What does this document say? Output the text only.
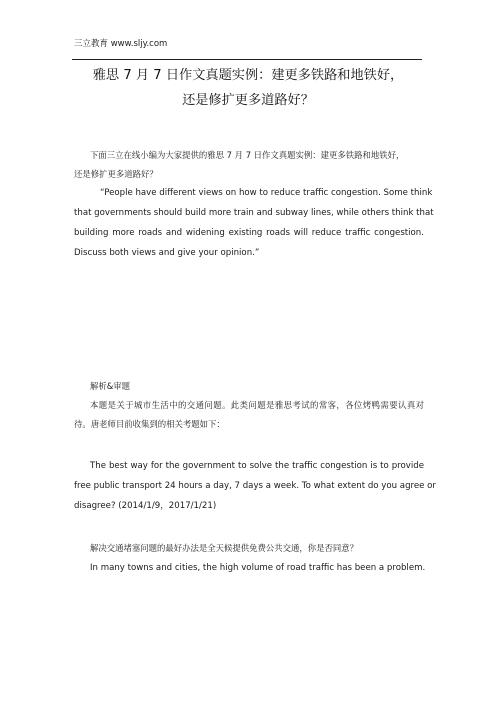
三立教育 www.sljy.com
雅思 7 月 7 日作文真题实例：建更多铁路和地铁好，
还是修扩更多道路好？
下面三立在线小编为大家提供的雅思 7 月 7 日作文真题实例：建更多铁路和地铁好，
还是修扩更多道路好？
“People have different views on how to reduce traffic congestion. Some think
that governments should build more train and subway lines, while others think that
building more roads and widening existing roads will reduce traffic congestion.
Discuss both views and give your opinion.”
解析&审题
本题是关于城市生活中的交通问题。此类问题是雅思考试的常客，各位烤鸭需要认真对
待。唐老师目前收集到的相关考题如下：
The best way for the government to solve the traffic congestion is to provide
free public transport 24 hours a day, 7 days a week. To what extent do you agree or
disagree? (2014/1/9，2017/1/21)
解决交通堵塞问题的最好办法是全天候提供免费公共交通，你是否同意？
In many towns and cities, the high volume of road traffic has been a problem.
